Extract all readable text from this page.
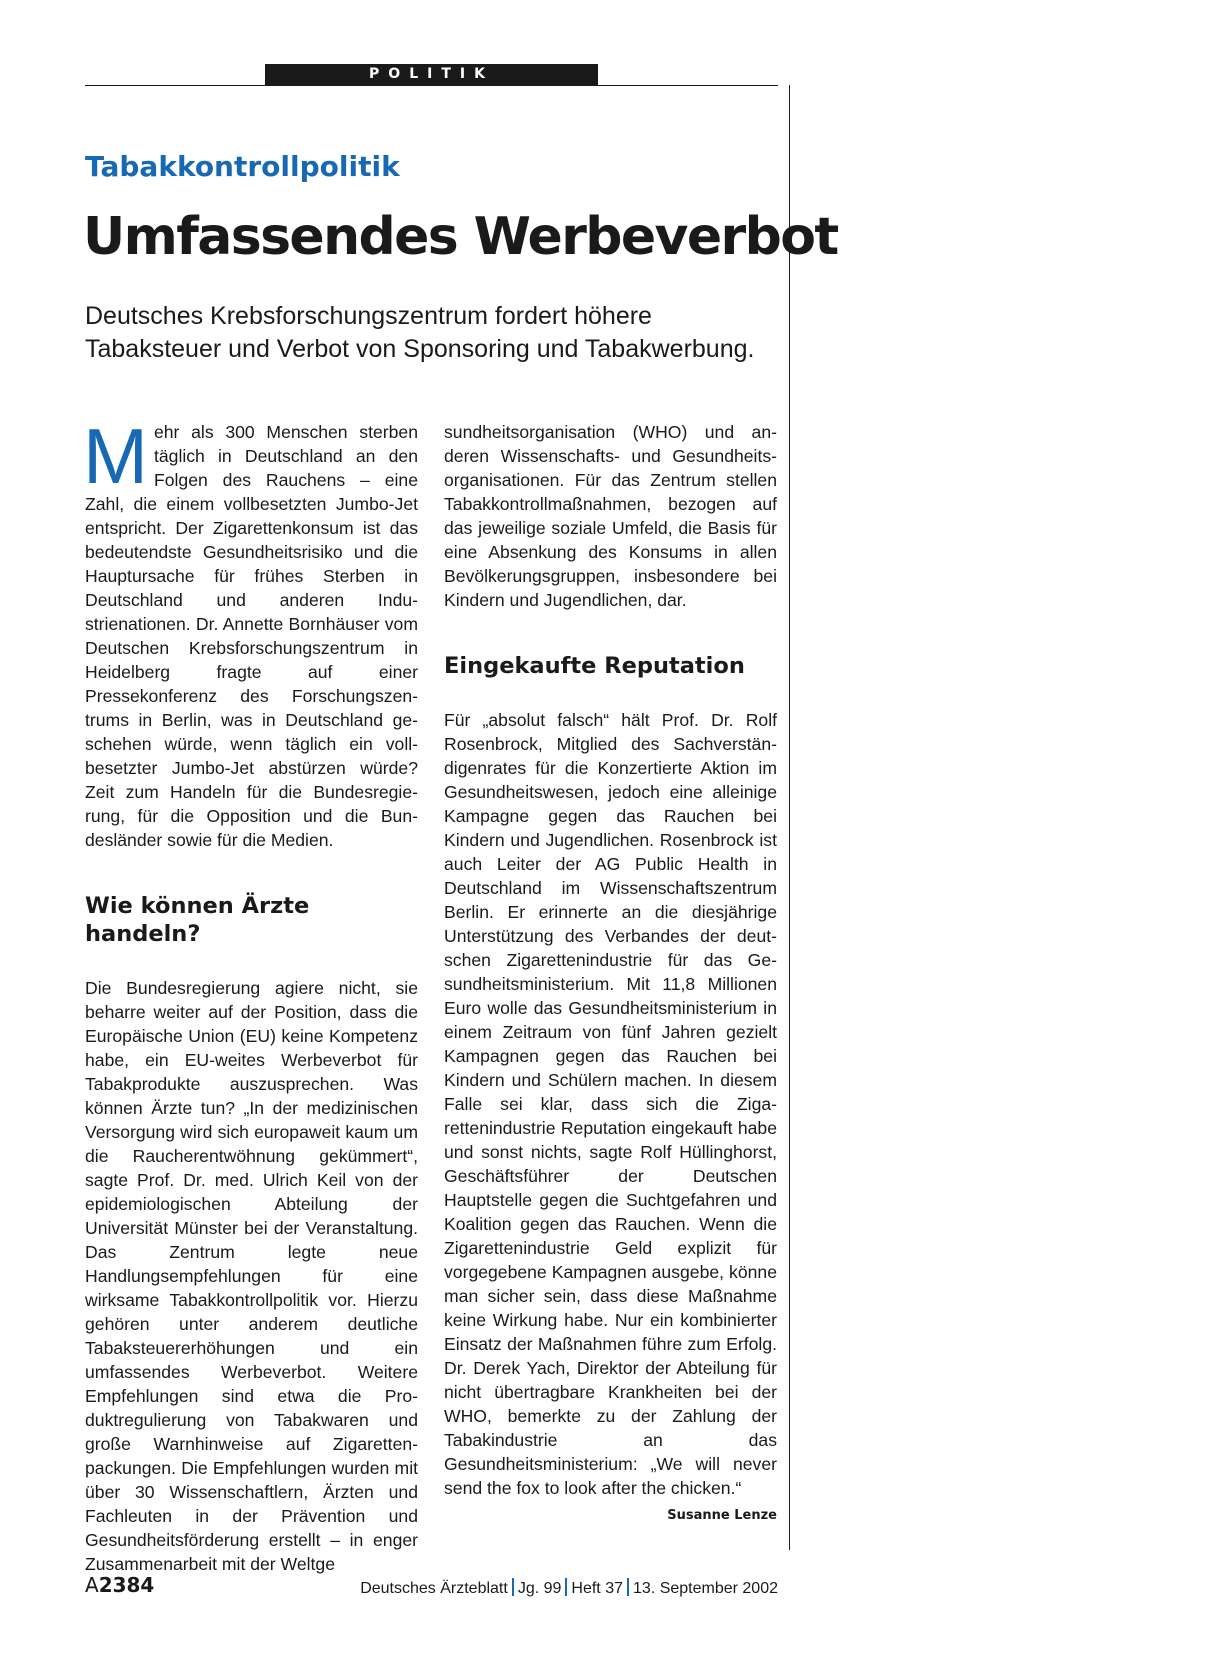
POLITIK
Tabakkontrollpolitik
Umfassendes Werbeverbot
Deutsches Krebsforschungszentrum fordert höhere Tabaksteuer und Verbot von Sponsoring und Tabakwerbung.

Mehr als 300 Menschen sterben täglich in Deutschland an den Folgen des Rauchens – eine Zahl, die einem vollbesetzten Jumbo-Jet entspricht. Der Zigarettenkonsum ist das bedeutendste Gesundheitsrisiko und die Hauptursache für frühes Sterben in Deutschland und anderen Industrienationen. Dr. Annette Bornhäuser vom Deutschen Krebsforschungszentrum in Heidelberg fragte auf einer Pressekonferenz des Forschungszentrums in Berlin, was in Deutschland geschehen würde, wenn täglich ein vollbesetzter Jumbo-Jet abstürzen würde? Zeit zum Handeln für die Bundesregierung, für die Opposition und die Bundesländer sowie für die Medien.

Wie können Ärzte handeln?

Die Bundesregierung agiere nicht, sie beharre weiter auf der Position, dass die Europäische Union (EU) keine Kompetenz habe, ein EU-weites Werbeverbot für Tabakprodukte auszusprechen. Was können Ärzte tun? „In der medizinischen Versorgung wird sich europaweit kaum um die Raucherentwöhnung gekümmert“, sagte Prof. Dr. med. Ulrich Keil von der epidemiologischen Abteilung der Universität Münster bei der Veranstaltung. Das Zentrum legte neue Handlungsempfehlungen für eine wirksame Tabakkontrollpolitik vor. Hierzu gehören unter anderem deutliche Tabaksteuererhöhungen und ein umfassendes Werbeverbot. Weitere Empfehlungen sind etwa die Produktregulierung von Tabakwaren und große Warnhinweise auf Zigarettenpackungen. Die Empfehlungen wurden mit über 30 Wissenschaftlern, Ärzten und Fachleuten in der Prävention und Gesundheitsförderung erstellt – in enger Zusammenarbeit mit der Weltge

sundheitsorganisation (WHO) und anderen Wissenschafts- und Gesundheitsorganisationen. Für das Zentrum stellen Tabakkontrollmaßnahmen, bezogen auf das jeweilige soziale Umfeld, die Basis für eine Absenkung des Konsums in allen Bevölkerungsgruppen, insbesondere bei Kindern und Jugendlichen, dar.

Eingekaufte Reputation

Für „absolut falsch“ hält Prof. Dr. Rolf Rosenbrock, Mitglied des Sachverständigenrates für die Konzertierte Aktion im Gesundheitswesen, jedoch eine alleinige Kampagne gegen das Rauchen bei Kindern und Jugendlichen. Rosenbrock ist auch Leiter der AG Public Health in Deutschland im Wissenschaftszentrum Berlin. Er erinnerte an die diesjährige Unterstützung des Verbandes der deutschen Zigarettenindustrie für das Gesundheitsministerium. Mit 11,8 Millionen Euro wolle das Gesundheitsministerium in einem Zeitraum von fünf Jahren gezielt Kampagnen gegen das Rauchen bei Kindern und Schülern machen. In diesem Falle sei klar, dass sich die Zigarettenindustrie Reputation eingekauft habe und sonst nichts, sagte Rolf Hüllinghorst, Geschäftsführer der Deutschen Hauptstelle gegen die Suchtgefahren und Koalition gegen das Rauchen. Wenn die Zigarettenindustrie Geld explizit für vorgegebene Kampagnen ausgebe, könne man sicher sein, dass diese Maßnahme keine Wirkung habe. Nur ein kombinierter Einsatz der Maßnahmen führe zum Erfolg. Dr. Derek Yach, Direktor der Abteilung für nicht übertragbare Krankheiten bei der WHO, bemerkte zu der Zahlung der Tabakindustrie an das Gesundheitsministerium: „We will never send the fox to look after the chicken.“
Susanne Lenze

A2384	Deutsches Ärzteblatt Jg. 99 Heft 37 13. September 2002
